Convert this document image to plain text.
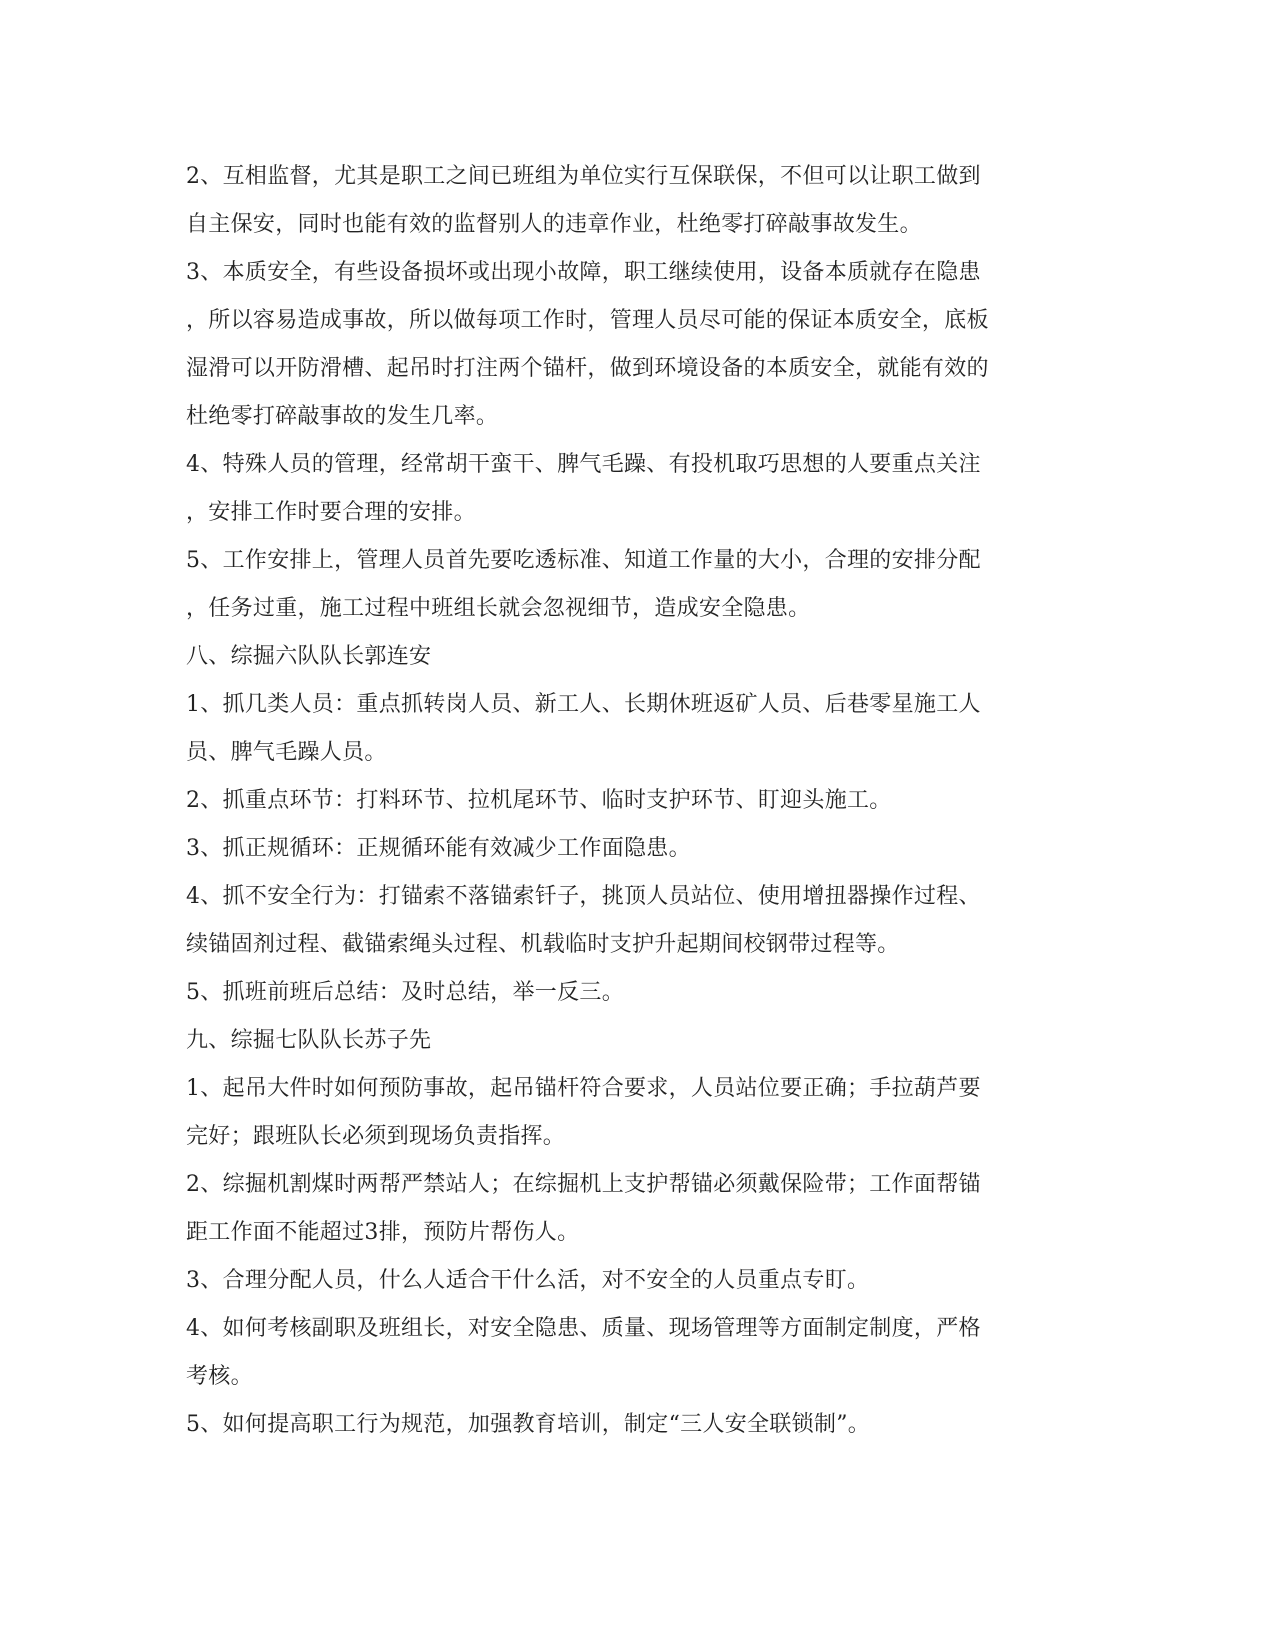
2、互相监督，尤其是职工之间已班组为单位实行互保联保，不但可以让职工做到
自主保安，同时也能有效的监督别人的违章作业，杜绝零打碎敲事故发生。
3、本质安全，有些设备损坏或出现小故障，职工继续使用，设备本质就存在隐患
，所以容易造成事故，所以做每项工作时，管理人员尽可能的保证本质安全，底板
湿滑可以开防滑槽、起吊时打注两个锚杆，做到环境设备的本质安全，就能有效的
杜绝零打碎敲事故的发生几率。
4、特殊人员的管理，经常胡干蛮干、脾气毛躁、有投机取巧思想的人要重点关注
，安排工作时要合理的安排。
5、工作安排上，管理人员首先要吃透标准、知道工作量的大小，合理的安排分配
，任务过重，施工过程中班组长就会忽视细节，造成安全隐患。
八、综掘六队队长郭连安
1、抓几类人员：重点抓转岗人员、新工人、长期休班返矿人员、后巷零星施工人
员、脾气毛躁人员。
2、抓重点环节：打料环节、拉机尾环节、临时支护环节、盯迎头施工。
3、抓正规循环：正规循环能有效减少工作面隐患。
4、抓不安全行为：打锚索不落锚索钎子，挑顶人员站位、使用增扭器操作过程、
续锚固剂过程、截锚索绳头过程、机载临时支护升起期间校钢带过程等。
5、抓班前班后总结：及时总结，举一反三。
九、综掘七队队长苏子先
1、起吊大件时如何预防事故，起吊锚杆符合要求，人员站位要正确；手拉葫芦要
完好；跟班队长必须到现场负责指挥。
2、综掘机割煤时两帮严禁站人；在综掘机上支护帮锚必须戴保险带；工作面帮锚
距工作面不能超过3排，预防片帮伤人。
3、合理分配人员，什么人适合干什么活，对不安全的人员重点专盯。
4、如何考核副职及班组长，对安全隐患、质量、现场管理等方面制定制度，严格
考核。
5、如何提高职工行为规范，加强教育培训，制定“三人安全联锁制”。
